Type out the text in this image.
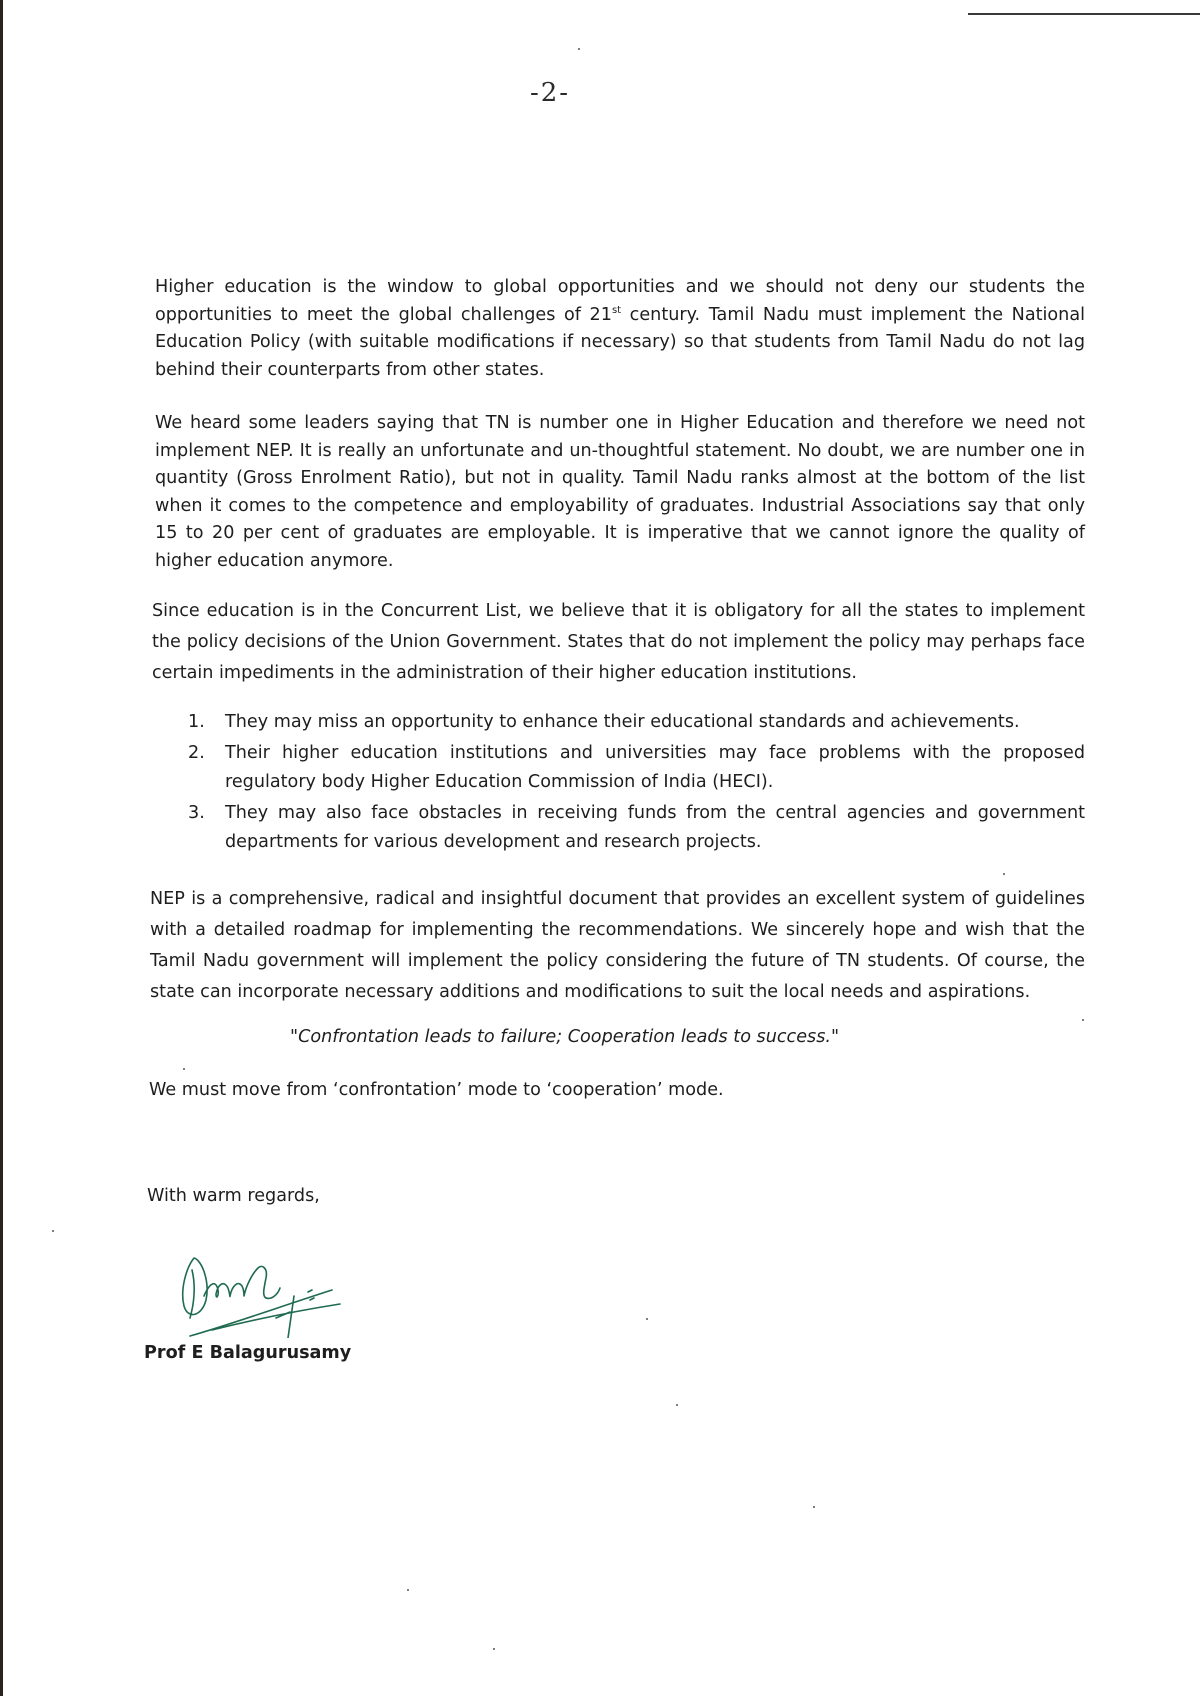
-2-

Higher education is the window to global opportunities and we should not deny our students the opportunities to meet the global challenges of 21st century. Tamil Nadu must implement the National Education Policy (with suitable modifications if necessary) so that students from Tamil Nadu do not lag behind their counterparts from other states.

We heard some leaders saying that TN is number one in Higher Education and therefore we need not implement NEP. It is really an unfortunate and un-thoughtful statement. No doubt, we are number one in quantity (Gross Enrolment Ratio), but not in quality. Tamil Nadu ranks almost at the bottom of the list when it comes to the competence and employability of graduates. Industrial Associations say that only 15 to 20 per cent of graduates are employable. It is imperative that we cannot ignore the quality of higher education anymore.

Since education is in the Concurrent List, we believe that it is obligatory for all the states to implement the policy decisions of the Union Government. States that do not implement the policy may perhaps face certain impediments in the administration of their higher education institutions.

1. They may miss an opportunity to enhance their educational standards and achievements.
2. Their higher education institutions and universities may face problems with the proposed regulatory body Higher Education Commission of India (HECI).
3. They may also face obstacles in receiving funds from the central agencies and government departments for various development and research projects.

NEP is a comprehensive, radical and insightful document that provides an excellent system of guidelines with a detailed roadmap for implementing the recommendations. We sincerely hope and wish that the Tamil Nadu government will implement the policy considering the future of TN students. Of course, the state can incorporate necessary additions and modifications to suit the local needs and aspirations.

"Confrontation leads to failure; Cooperation leads to success."
We must move from ‘confrontation’ mode to ‘cooperation’ mode.
With warm regards,
Prof E Balagurusamy
